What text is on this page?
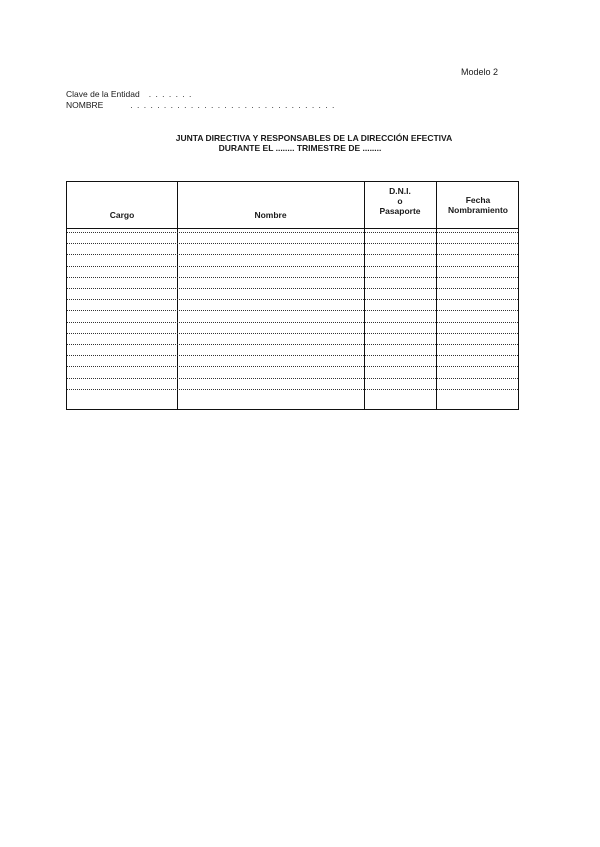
Modelo 2
Clave de la Entidad . . . . . . .
NOMBRE	. . . . . . . . . . . . . . . . . . . . . . . . . . . . . . .
JUNTA DIRECTIVA Y RESPONSABLES DE LA DIRECCIÓN EFECTIVA
DURANTE EL ........ TRIMESTRE DE ........
Cargo	Nombre
D.N.I.
o
Pasaporte
Fecha
Nombramiento
